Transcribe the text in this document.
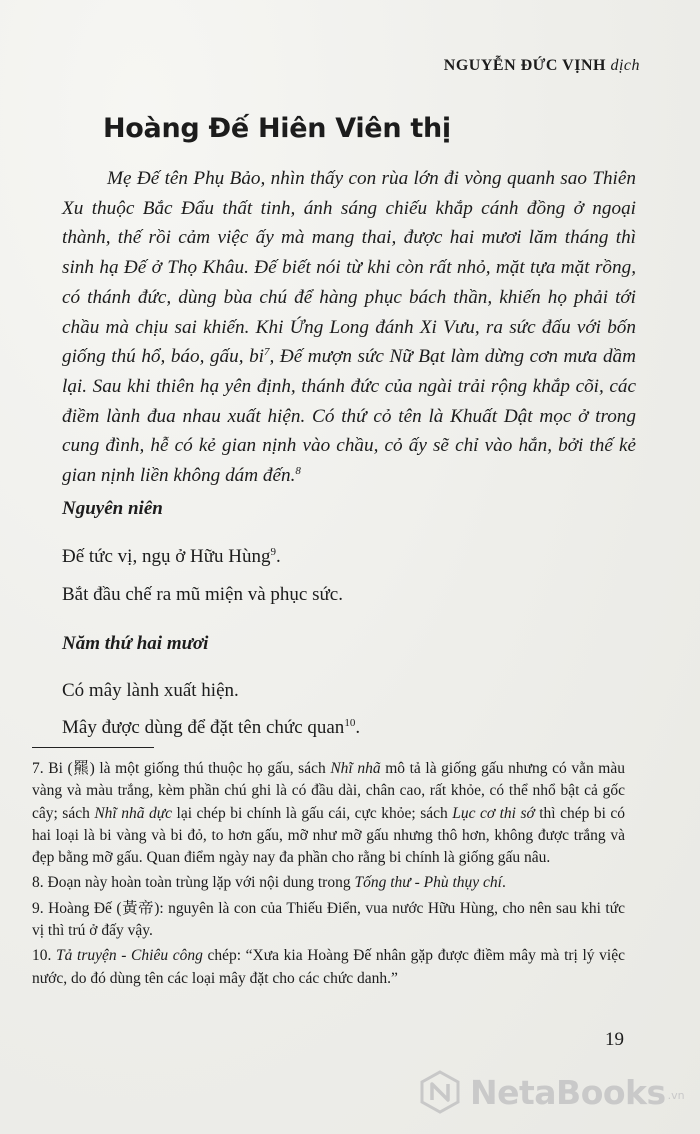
NGUYỄN ĐỨC VỊNH dịch
Hoàng Đế Hiên Viên thị

Mẹ Đế tên Phụ Bảo, nhìn thấy con rùa lớn đi vòng quanh sao Thiên Xu thuộc Bắc Đẩu thất tinh, ánh sáng chiếu khắp cánh đồng ở ngoại thành, thế rồi cảm việc ấy mà mang thai, được hai mươi lăm tháng thì sinh hạ Đế ở Thọ Khâu. Đế biết nói từ khi còn rất nhỏ, mặt tựa mặt rồng, có thánh đức, dùng bùa chú để hàng phục bách thần, khiến họ phải tới chầu mà chịu sai khiến. Khi Ứng Long đánh Xi Vưu, ra sức đấu với bốn giống thú hổ, báo, gấu, $bi^7$, Đế mượn sức Nữ Bạt làm dừng cơn mưa dầm lại. Sau khi thiên hạ yên định, thánh đức của ngài trải rộng khắp cõi, các điềm lành đua nhau xuất hiện. Có thứ cỏ tên là Khuất Dật mọc ở trong cung đình, hễ có kẻ gian nịnh vào chầu, cỏ ấy sẽ chỉ vào hắn, bởi thế kẻ gian nịnh liền không dám đến.$^8$

Nguyên niên

Đế tức vị, ngụ ở Hữu Hùng$^9$.

Bắt đầu chế ra mũ miện và phục sức.

Năm thứ hai mươi

Có mây lành xuất hiện.

Mây được dùng để đặt tên chức quan$^{10}$.

7. Bi (羆) là một giống thú thuộc họ gấu, sách Nhĩ nhã mô tả là giống gấu nhưng có vằn màu vàng và màu trắng, kèm phần chú ghi là có đầu dài, chân cao, rất khỏe, có thể nhổ bật cả gốc cây; sách Nhĩ nhã dực lại chép bi chính là gấu cái, cực khỏe; sách Lục cơ thi sớ thì chép bi có hai loại là bi vàng và bi đỏ, to hơn gấu, mỡ như mỡ gấu nhưng thô hơn, không được trắng và đẹp bằng mỡ gấu. Quan điểm ngày nay đa phần cho rằng bi chính là giống gấu nâu.

8. Đoạn này hoàn toàn trùng lặp với nội dung trong Tống thư - Phù thụy chí.

9. Hoàng Đế (黃帝): nguyên là con của Thiếu Điển, vua nước Hữu Hùng, cho nên sau khi tức vị thì trú ở đấy vậy.

10. Tả truyện - Chiêu công chép: “Xưa kia Hoàng Đế nhân gặp được điềm mây mà trị lý việc nước, do đó dùng tên các loại mây đặt cho các chức danh.”

19
NetaBooks .vn
